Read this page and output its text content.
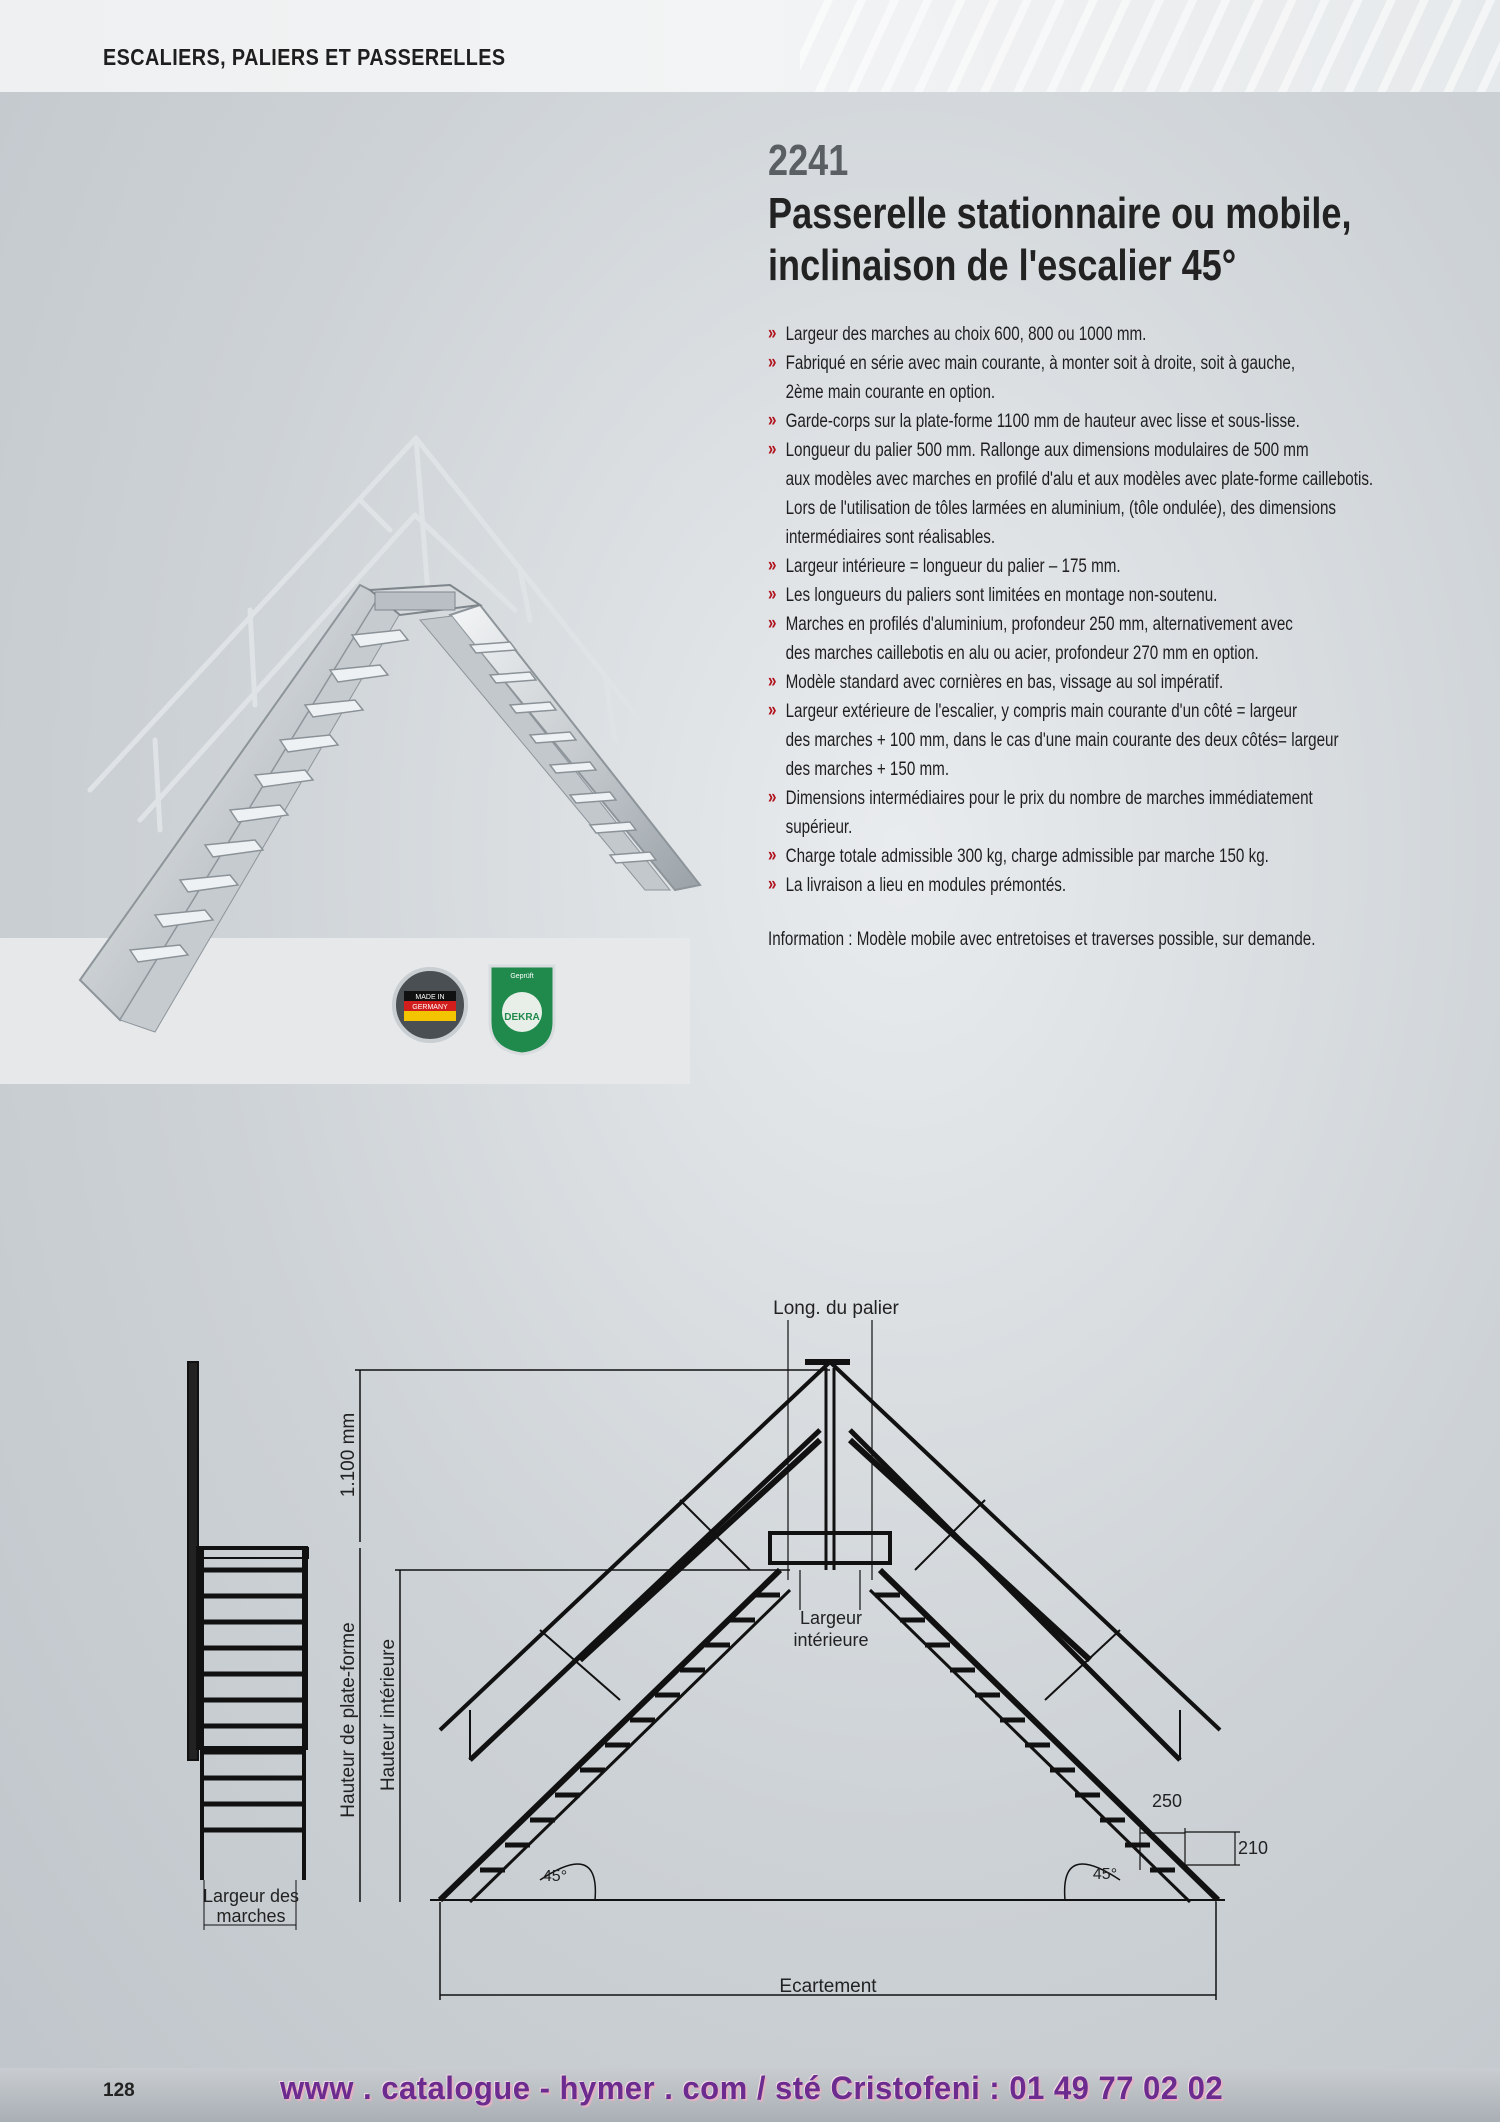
ESCALIERS, PALIERS ET PASSERELLES
MADE IN
GERMANY
Geprüft
DEKRA
2241
Passerelle stationnaire ou mobile,
inclinaison de l'escalier 45°
» Largeur des marches au choix 600, 800 ou 1000 mm.
» Fabriqué en série avec main courante, à monter soit à droite, soit à gauche,
2ème main courante en option.
» Garde-corps sur la plate-forme 1100 mm de hauteur avec lisse et sous-lisse.
» Longueur du palier 500 mm. Rallonge aux dimensions modulaires de 500 mm
aux modèles avec marches en profilé d'alu et aux modèles avec plate-forme caillebotis.
Lors de l'utilisation de tôles larmées en aluminium, (tôle ondulée), des dimensions
intermédiaires sont réalisables.
» Largeur intérieure = longueur du palier – 175 mm.
» Les longueurs du paliers sont limitées en montage non-soutenu.
» Marches en profilés d'aluminium, profondeur 250 mm, alternativement avec
des marches caillebotis en alu ou acier, profondeur 270 mm en option.
» Modèle standard avec cornières en bas, vissage au sol impératif.
» Largeur extérieure de l'escalier, y compris main courante d'un côté = largeur
des marches + 100 mm, dans le cas d'une main courante des deux côtés= largeur
des marches + 150 mm.
» Dimensions intermédiaires pour le prix du nombre de marches immédiatement
supérieur.
» Charge totale admissible 300 kg, charge admissible par marche 150 kg.
» La livraison a lieu en modules prémontés.
Information : Modèle mobile avec entretoises et traverses possible, sur demande.
Long. du palier
1.100 mm
Hauteur de plate-forme Hauteur intérieure
Largeur
intérieure
Largeur des
marches
45°	45°
250
210
Ecartement
128	www . catalogue - hymer . com / sté Cristofeni : 01 49 77 02 02
